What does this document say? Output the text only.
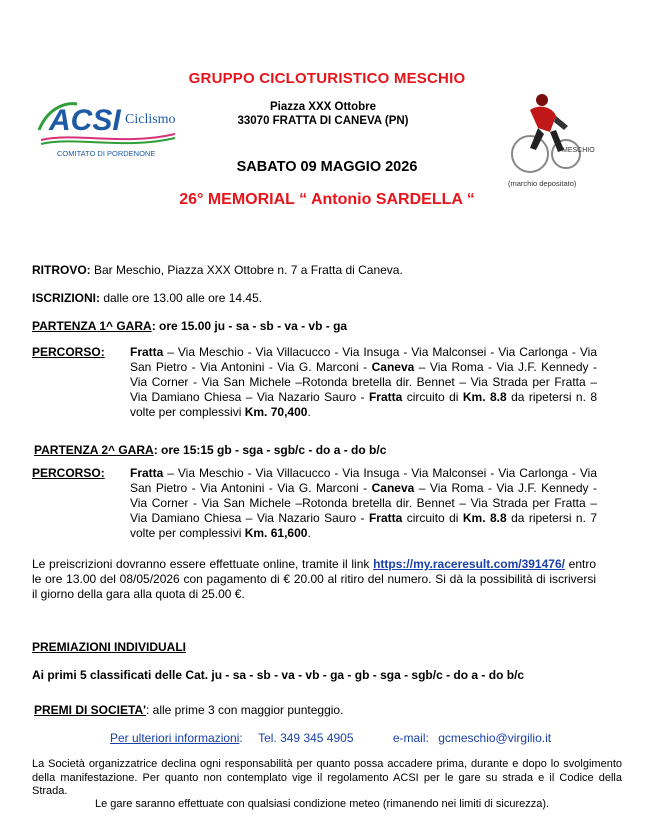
GRUPPO CICLOTURISTICO MESCHIO
ACSI Ciclismo
COMITATO DI PORDENONE
Piazza XXX Ottobre
33070 FRATTA DI CANEVA (PN)
MESCHIO
(marchio depositato)
SABATO 09 MAGGIO 2026
26° MEMORIAL “ Antonio SARDELLA “
RITROVO: Bar Meschio, Piazza XXX Ottobre n. 7 a Fratta di Caneva.
ISCRIZIONI: dalle ore 13.00 alle ore 14.45.
PARTENZA 1^ GARA: ore 15.00 ju - sa - sb - va - vb - ga
PERCORSO: Fratta – Via Meschio - Via Villacucco - Via Insuga - Via Malconsei - Via Carlonga - Via San Pietro - Via Antonini - Via G. Marconi - Caneva – Via Roma - Via J.F. Kennedy - Via Corner - Via San Michele –Rotonda bretella dir. Bennet – Via Strada per Fratta – Via Damiano Chiesa – Via Nazario Sauro - Fratta circuito di Km. 8.8 da ripetersi n. 8 volte per complessivi Km. 70,400.
PARTENZA 2^ GARA: ore 15:15 gb - sga - sgb/c - do a - do b/c
PERCORSO: Fratta – Via Meschio - Via Villacucco - Via Insuga - Via Malconsei - Via Carlonga - Via San Pietro - Via Antonini - Via G. Marconi - Caneva – Via Roma - Via J.F. Kennedy - Via Corner - Via San Michele –Rotonda bretella dir. Bennet – Via Strada per Fratta – Via Damiano Chiesa – Via Nazario Sauro - Fratta circuito di Km. 8.8 da ripetersi n. 7 volte per complessivi Km. 61,600.
Le preiscrizioni dovranno essere effettuate online, tramite il link https://my.raceresult.com/391476/ entro le ore 13.00 del 08/05/2026 con pagamento di € 20.00 al ritiro del numero. Si dà la possibilità di iscriversi il giorno della gara alla quota di 25.00 €.
PREMIAZIONI INDIVIDUALI
Ai primi 5 classificati delle Cat. ju - sa - sb - va - vb - ga - gb - sga - sgb/c - do a - do b/c
PREMI DI SOCIETA': alle prime 3 con maggior punteggio.
Per ulteriori informazioni: Tel. 349 345 4905	e-mail: gcmeschio@virgilio.it
La Società organizzatrice declina ogni responsabilità per quanto possa accadere prima, durante e dopo lo svolgimento della manifestazione. Per quanto non contemplato vige il regolamento ACSI per le gare su strada e il Codice della Strada.
Le gare saranno effettuate con qualsiasi condizione meteo (rimanendo nei limiti di sicurezza).
